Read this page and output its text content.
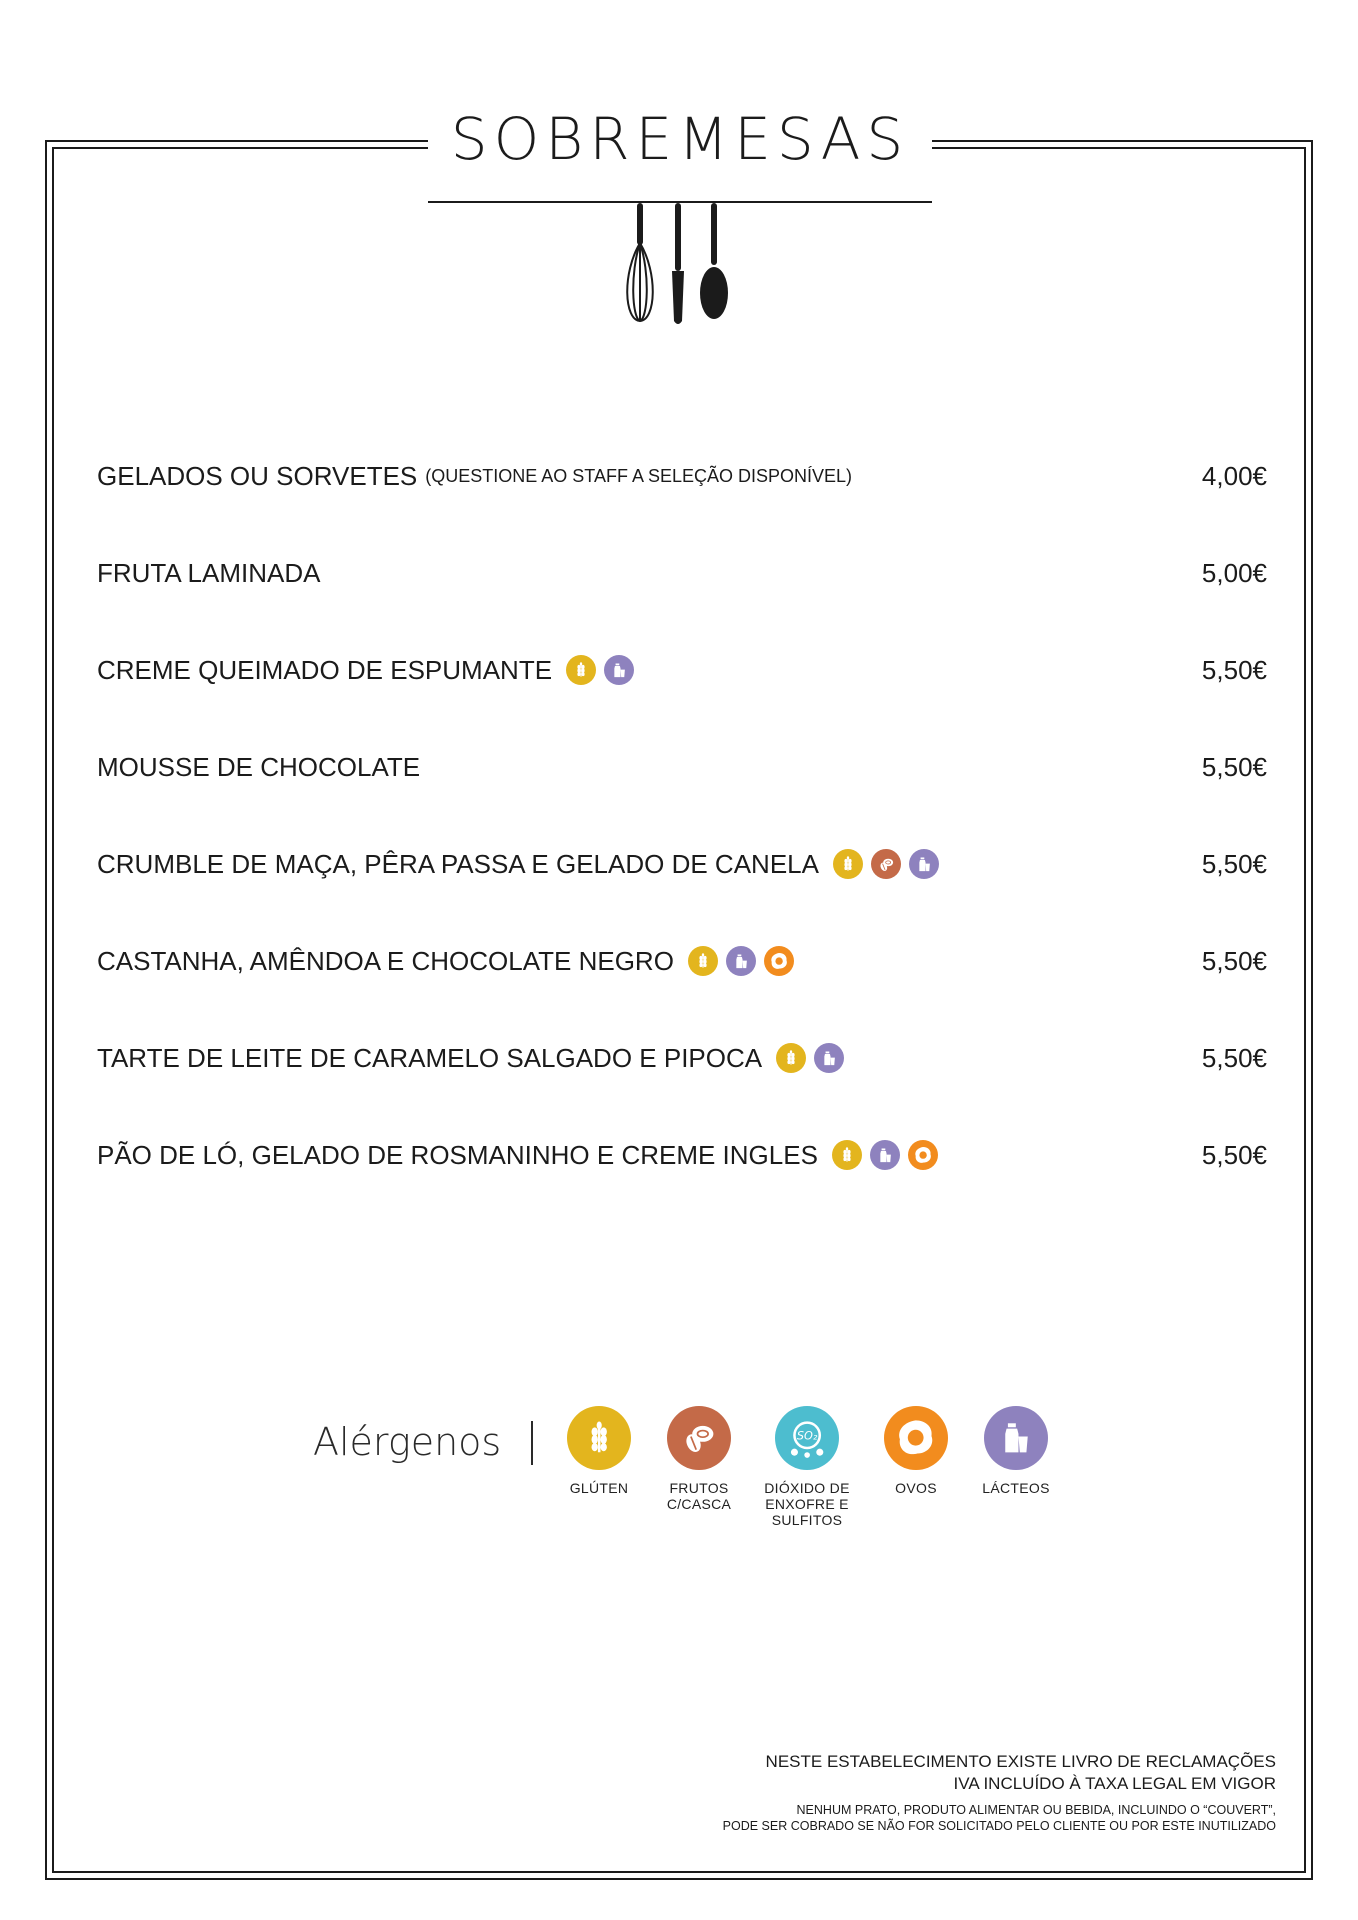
SOBREMESAS
GELADOS OU SORVETES (QUESTIONE AO STAFF A SELEÇÃO DISPONÍVEL)	4,00€
FRUTA LAMINADA	5,00€
CREME QUEIMADO DE ESPUMANTE	5,50€
MOUSSE DE CHOCOLATE	5,50€
CRUMBLE DE MAÇA, PÊRA PASSA E GELADO DE CANELA	5,50€
CASTANHA, AMÊNDOA E CHOCOLATE NEGRO	5,50€
TARTE DE LEITE DE CARAMELO SALGADO E PIPOCA	5,50€
PÃO DE LÓ, GELADO DE ROSMANINHO E CREME INGLES	5,50€
Alérgenos
GLÚTEN	FRUTOS
C/CASCA
SO₂
DIÓXIDO DE
ENXOFRE E
SULFITOS
OVOS	LÁCTEOS
NESTE ESTABELECIMENTO EXISTE LIVRO DE RECLAMAÇÕES
IVA INCLUÍDO À TAXA LEGAL EM VIGOR
NENHUM PRATO, PRODUTO ALIMENTAR OU BEBIDA, INCLUINDO O “COUVERT”,
PODE SER COBRADO SE NÃO FOR SOLICITADO PELO CLIENTE OU POR ESTE INUTILIZADO
